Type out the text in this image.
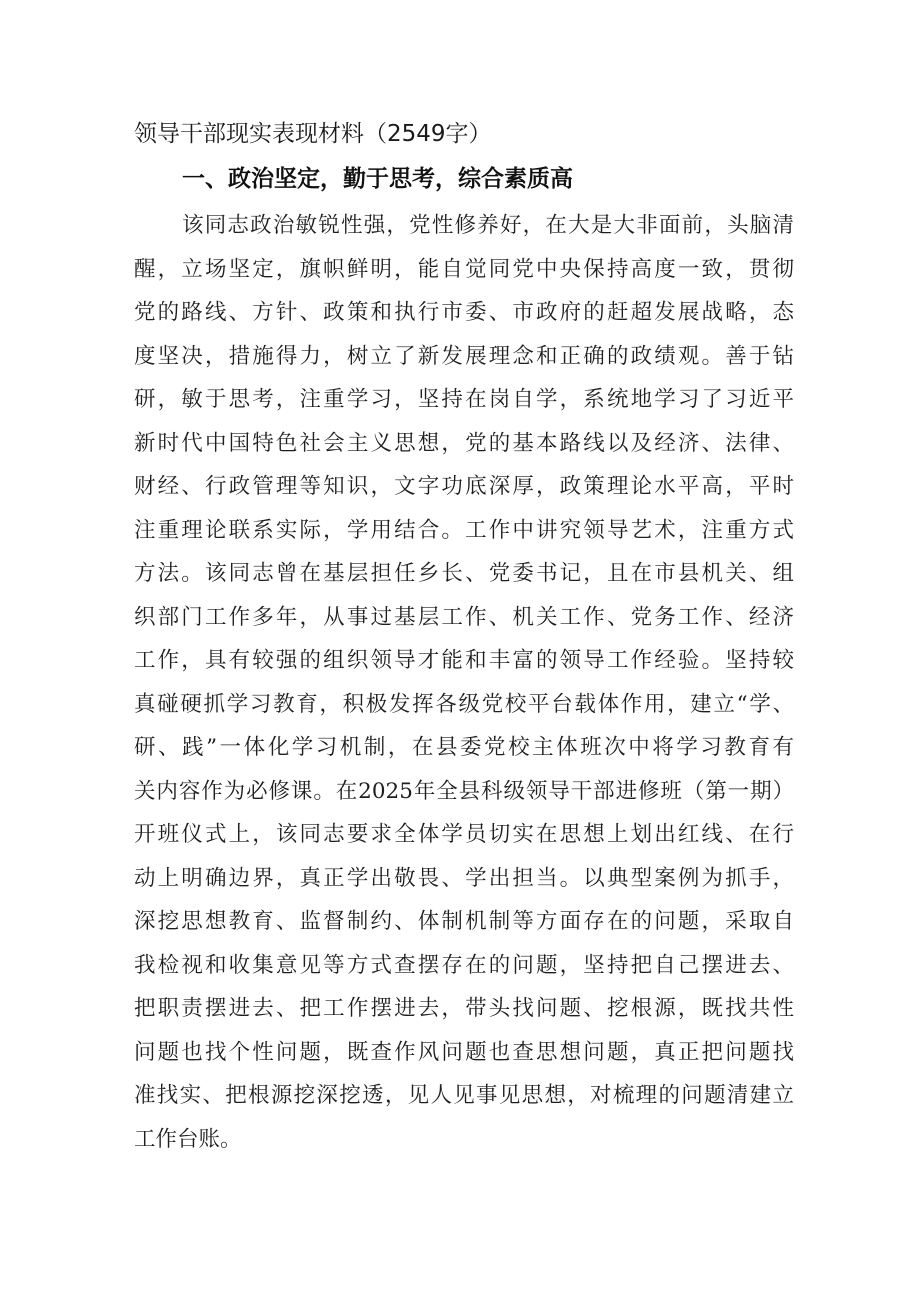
领导干部现实表现材料（2549字）
一、政治坚定，勤于思考，综合素质高
该同志政治敏锐性强，党性修养好，在大是大非面前，头脑清
醒，立场坚定，旗帜鲜明，能自觉同党中央保持高度一致，贯彻
党的路线、方针、政策和执行市委、市政府的赶超发展战略，态
度坚决，措施得力，树立了新发展理念和正确的政绩观。善于钻
研，敏于思考，注重学习，坚持在岗自学，系统地学习了习近平
新时代中国特色社会主义思想，党的基本路线以及经济、法律、
财经、行政管理等知识，文字功底深厚，政策理论水平高，平时
注重理论联系实际，学用结合。工作中讲究领导艺术，注重方式
方法。该同志曾在基层担任乡长、党委书记，且在市县机关、组
织部门工作多年，从事过基层工作、机关工作、党务工作、经济
工作，具有较强的组织领导才能和丰富的领导工作经验。坚持较
真碰硬抓学习教育，积极发挥各级党校平台载体作用，建立“学、
研、践”一体化学习机制，在县委党校主体班次中将学习教育有
关内容作为必修课。在2025年全县科级领导干部进修班（第一期）
开班仪式上，该同志要求全体学员切实在思想上划出红线、在行
动上明确边界，真正学出敬畏、学出担当。以典型案例为抓手，
深挖思想教育、监督制约、体制机制等方面存在的问题，采取自
我检视和收集意见等方式查摆存在的问题，坚持把自己摆进去、
把职责摆进去、把工作摆进去，带头找问题、挖根源，既找共性
问题也找个性问题，既查作风问题也查思想问题，真正把问题找
准找实、把根源挖深挖透，见人见事见思想，对梳理的问题清建立
工作台账。
